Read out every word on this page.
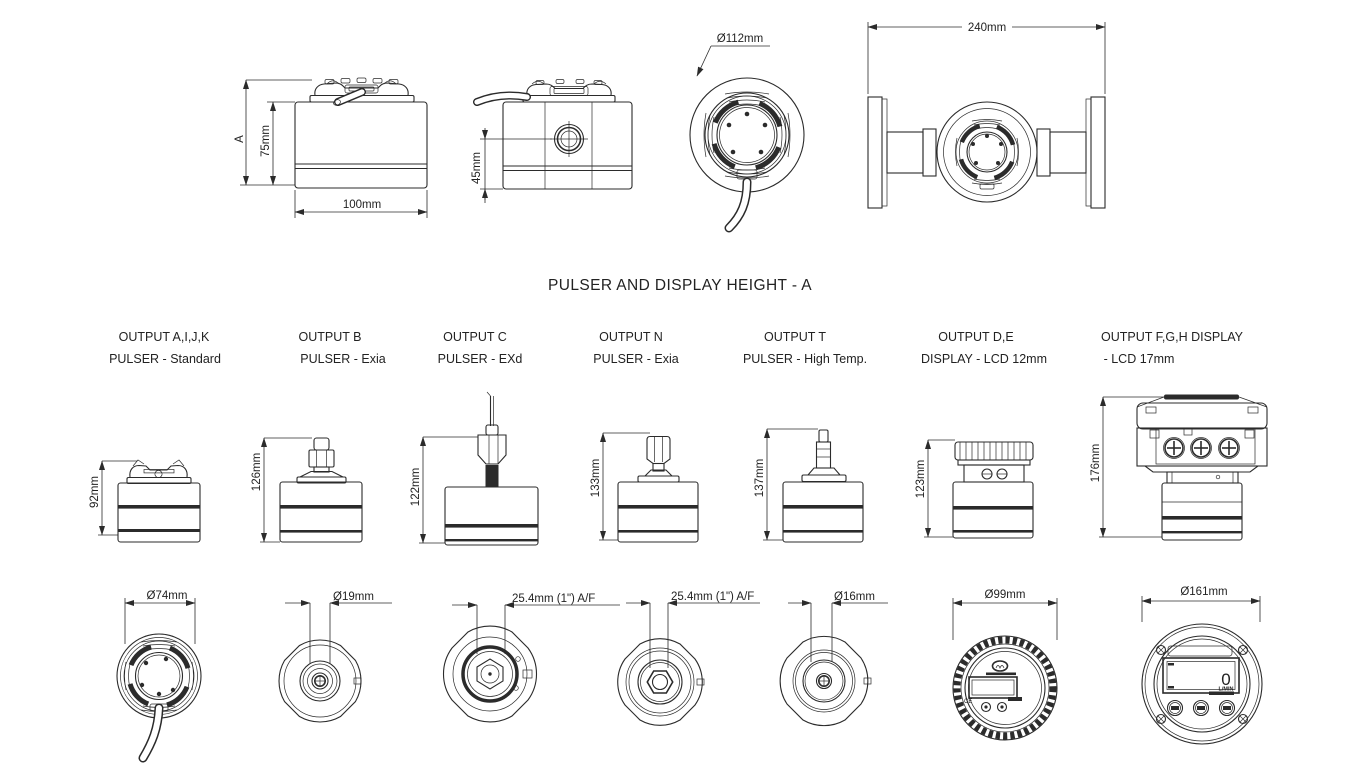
A 75mm
100mm
45mm
Ø112mm
240mm
PULSER AND DISPLAY HEIGHT - A
OUTPUT A,I,J,K
PULSER - Standard
OUTPUT B
PULSER - Exia
OUTPUT C
PULSER - EXd
OUTPUT N
PULSER - Exia
OUTPUT T
PULSER - High Temp.
OUTPUT D,E
DISPLAY - LCD 12mm
OUTPUT F,G,H DISPLAY
- LCD 17mm
92mm
126mm	122mm	133mm	137mm	123mm	176mm
Ø74mm	Ø19mm	25.4mm (1") A/F	25.4mm (1") A/F	Ø16mm
CE
Ø99mm
0
L/MIN
Ø161mm
